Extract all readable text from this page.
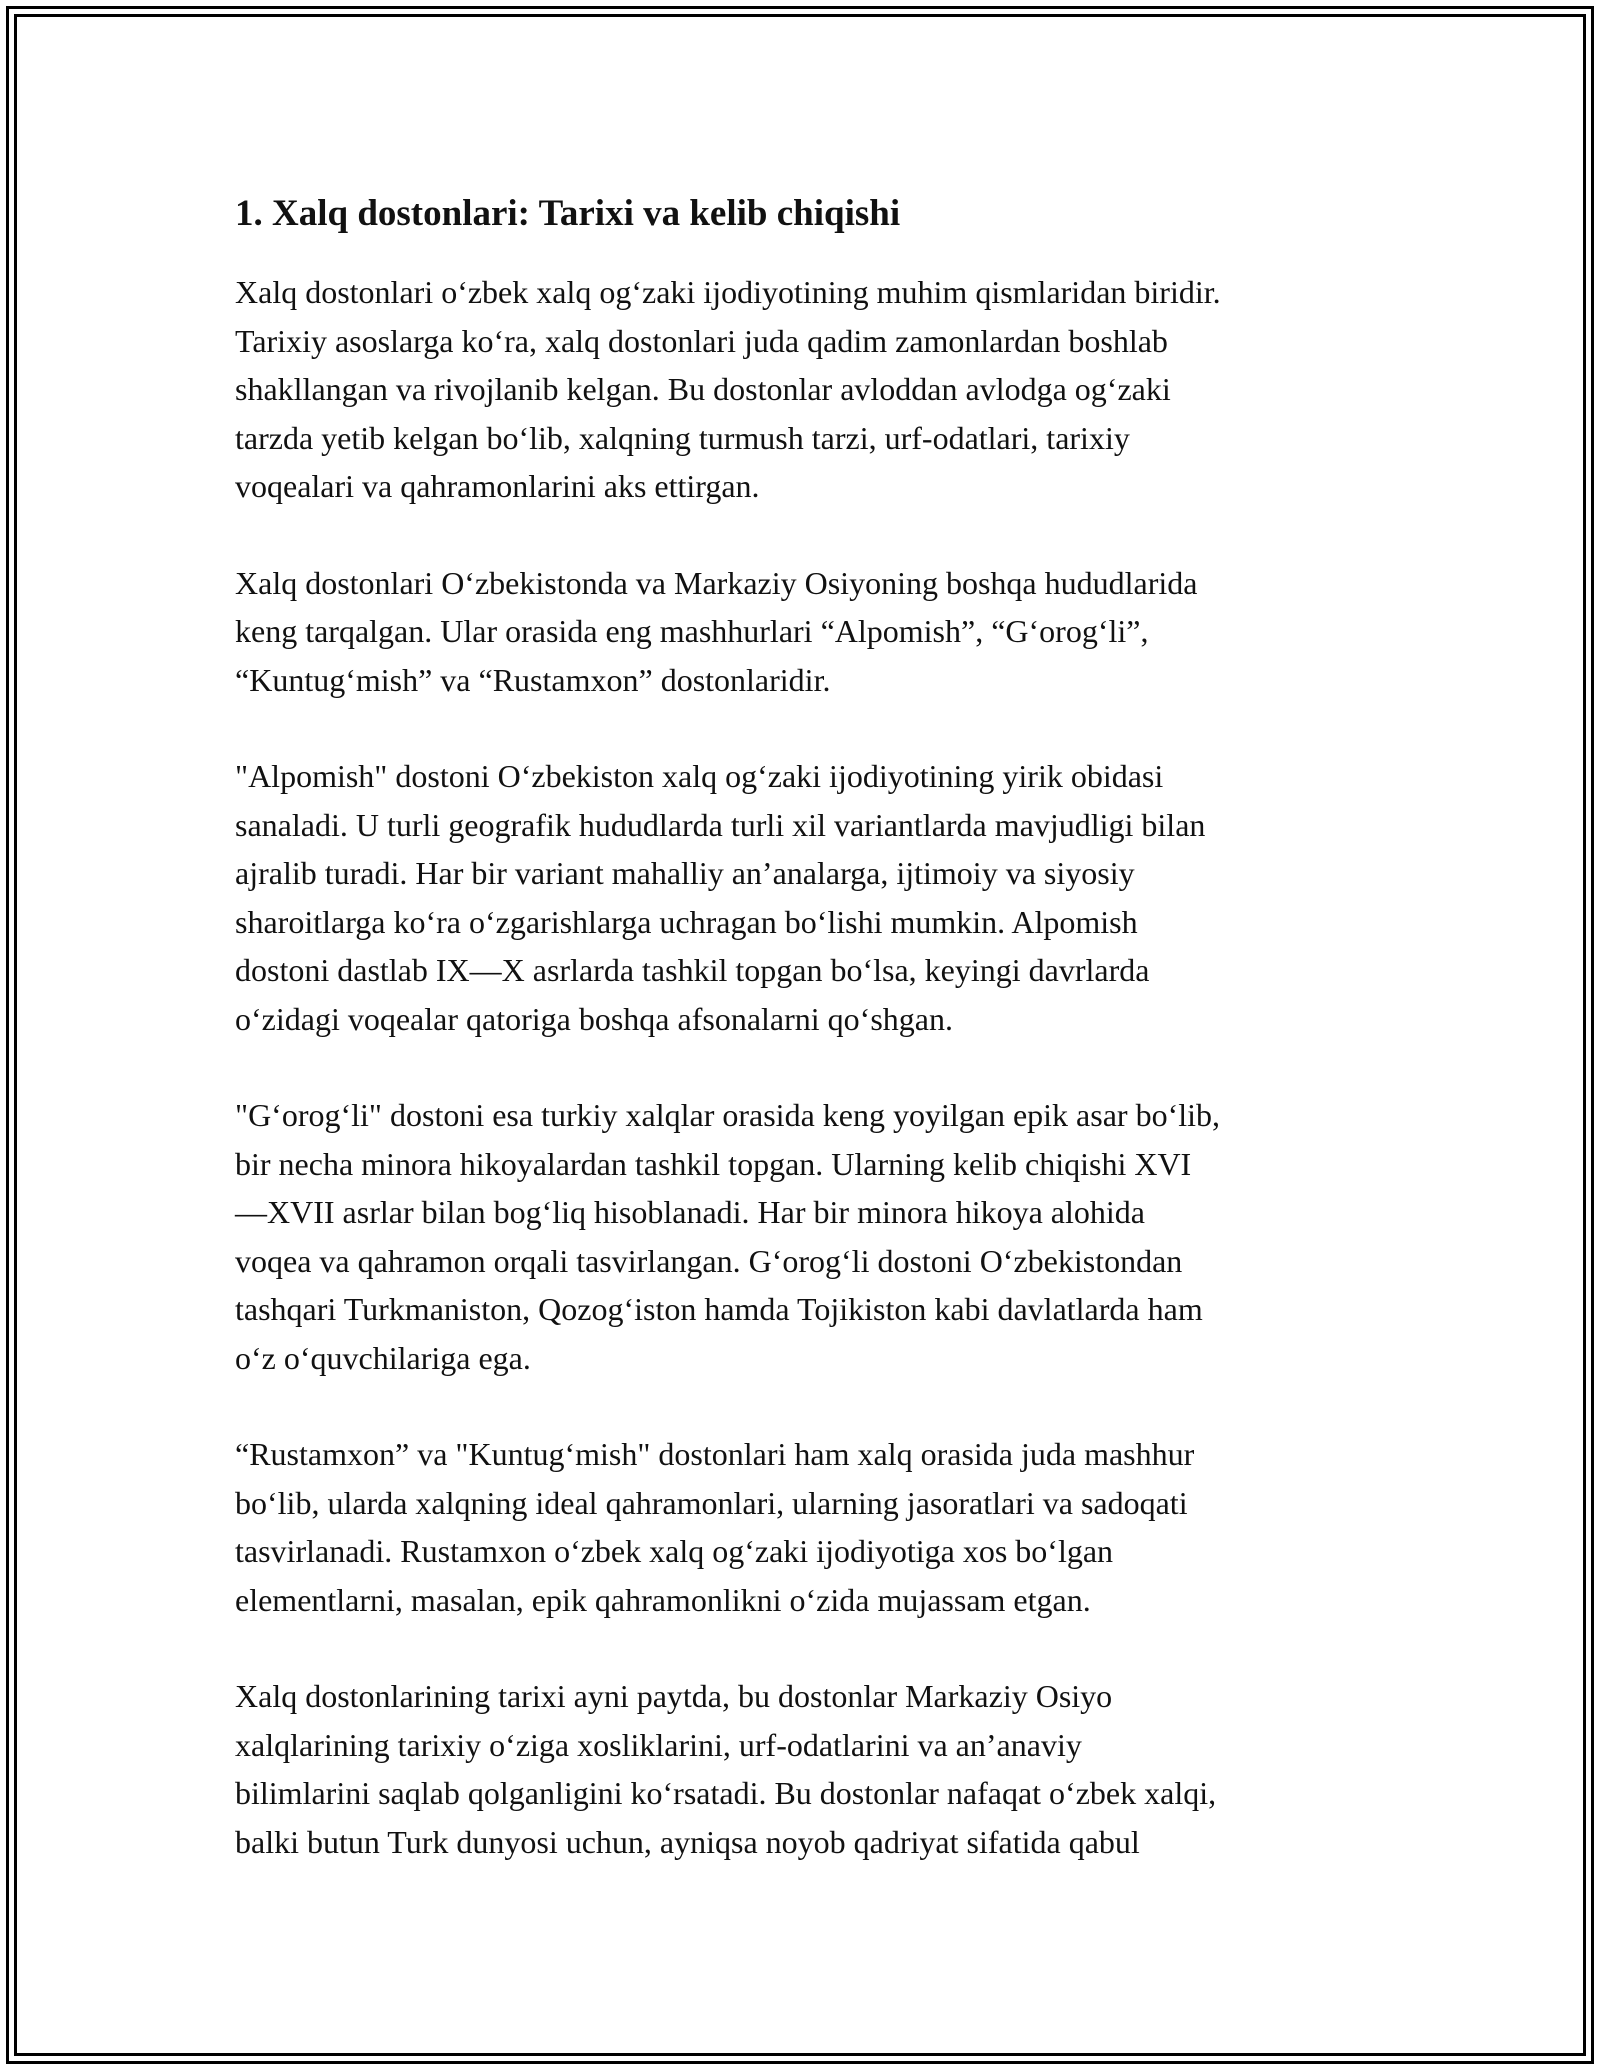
1. Xalq dostonlari: Tarixi va kelib chiqishi

Xalq dostonlari o‘zbek xalq og‘zaki ijodiyotining muhim qismlaridan biridir.
Tarixiy asoslarga ko‘ra, xalq dostonlari juda qadim zamonlardan boshlab
shakllangan va rivojlanib kelgan. Bu dostonlar avloddan avlodga og‘zaki
tarzda yetib kelgan bo‘lib, xalqning turmush tarzi, urf-odatlari, tarixiy
voqealari va qahramonlarini aks ettirgan.

Xalq dostonlari O‘zbekistonda va Markaziy Osiyoning boshqa hududlarida
keng tarqalgan. Ular orasida eng mashhurlari “Alpomish”, “G‘orog‘li”,
“Kuntug‘mish” va “Rustamxon” dostonlaridir.

"Alpomish" dostoni O‘zbekiston xalq og‘zaki ijodiyotining yirik obidasi
sanaladi. U turli geografik hududlarda turli xil variantlarda mavjudligi bilan
ajralib turadi. Har bir variant mahalliy an’analarga, ijtimoiy va siyosiy
sharoitlarga ko‘ra o‘zgarishlarga uchragan bo‘lishi mumkin. Alpomish
dostoni dastlab IX—X asrlarda tashkil topgan bo‘lsa, keyingi davrlarda
o‘zidagi voqealar qatoriga boshqa afsonalarni qo‘shgan.

"G‘orog‘li" dostoni esa turkiy xalqlar orasida keng yoyilgan epik asar bo‘lib,
bir necha minora hikoyalardan tashkil topgan. Ularning kelib chiqishi XVI
—XVII asrlar bilan bog‘liq hisoblanadi. Har bir minora hikoya alohida
voqea va qahramon orqali tasvirlangan. G‘orog‘li dostoni O‘zbekistondan
tashqari Turkmaniston, Qozog‘iston hamda Tojikiston kabi davlatlarda ham
o‘z o‘quvchilariga ega.

“Rustamxon” va "Kuntug‘mish" dostonlari ham xalq orasida juda mashhur
bo‘lib, ularda xalqning ideal qahramonlari, ularning jasoratlari va sadoqati
tasvirlanadi. Rustamxon o‘zbek xalq og‘zaki ijodiyotiga xos bo‘lgan
elementlarni, masalan, epik qahramonlikni o‘zida mujassam etgan.

Xalq dostonlarining tarixi ayni paytda, bu dostonlar Markaziy Osiyo
xalqlarining tarixiy o‘ziga xosliklarini, urf-odatlarini va an’anaviy
bilimlarini saqlab qolganligini ko‘rsatadi. Bu dostonlar nafaqat o‘zbek xalqi,
balki butun Turk dunyosi uchun, ayniqsa noyob qadriyat sifatida qabul
